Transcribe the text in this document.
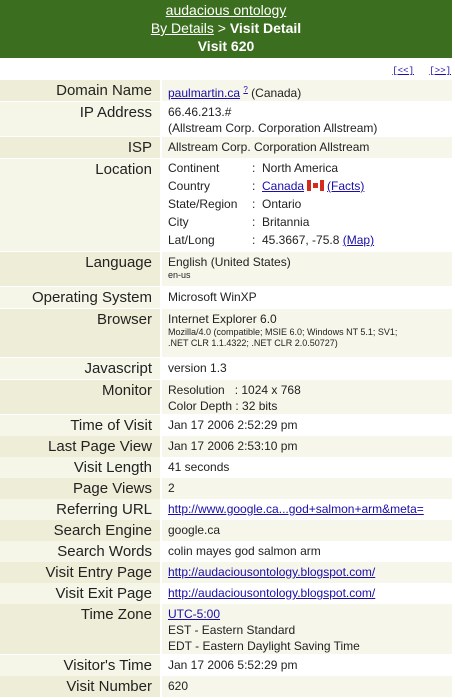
audacious ontology
By Details > Visit Detail
Visit 620
[<<] [>>]
Domain Name paulmartin.ca ? (Canada)
IP Address 66.46.213.#
(Allstream Corp. Corporation Allstream)
ISP Allstream Corp. Corporation Allstream
Location Continent	:	North America
Country	:	Canada (Facts)
State/Region	:	Ontario
City	:	Britannia
Lat/Long	:	45.3667, -75.8 (Map)
Language English (United States)
en-us
Operating System Microsoft WinXP
Browser Internet Explorer 6.0
Mozilla/4.0 (compatible; MSIE 6.0; Windows NT 5.1; SV1;
.NET CLR 1.1.4322; .NET CLR 2.0.50727)
Javascript version 1.3
Monitor Resolution   : 1024 x 768
Color Depth : 32 bits
Time of Visit Jan 17 2006 2:52:29 pm
Last Page View Jan 17 2006 2:53:10 pm
Visit Length 41 seconds
Page Views 2
Referring URL http://www.google.ca...god+salmon+arm&meta=
Search Engine google.ca
Search Words colin mayes god salmon arm
Visit Entry Page http://audaciousontology.blogspot.com/
Visit Exit Page http://audaciousontology.blogspot.com/
Time Zone UTC-5:00
EST - Eastern Standard
EDT - Eastern Daylight Saving Time
Visitor's Time Jan 17 2006 5:52:29 pm
Visit Number 620
